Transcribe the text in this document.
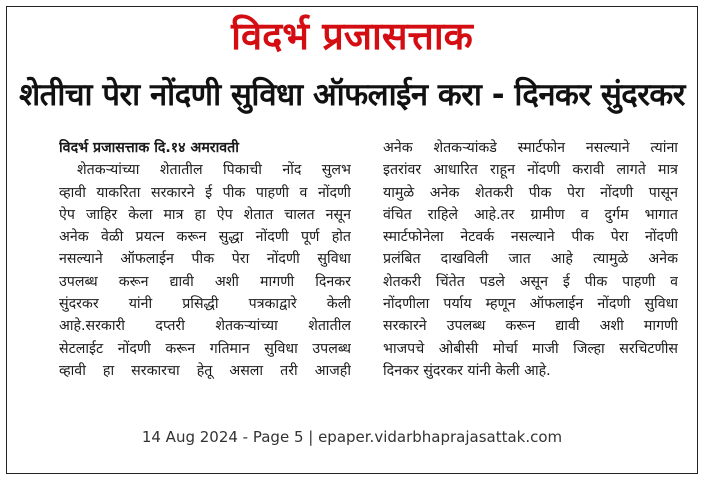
विदर्भ प्रजासत्ताक
शेतीचा पेरा नोंदणी सुविधा ऑफलाईन करा - दिनकर सुंदरकर
विदर्भ प्रजासत्ताक दि.१४ अमरावती
शेतकऱ्यांच्या शेतातील पिकाची नोंद सुलभ
व्हावी याकरिता सरकारने ई पीक पाहणी व नोंदणी
ऐप जाहिर केला मात्र हा ऐप शेतात चालत नसून
अनेक वेळी प्रयत्न करून सुद्धा नोंदणी पूर्ण होत
नसल्याने ऑफलाईन पीक पेरा नोंदणी सुविधा
उपलब्ध करून द्यावी अशी मागणी दिनकर
सुंदरकर यांनी प्रसिद्धी पत्रकाद्वारे केली
आहे.सरकारी दप्तरी शेतकऱ्यांच्या शेतातील
सेटलाईट नोंदणी करून गतिमान सुविधा उपलब्ध
व्हावी हा सरकारचा हेतू असला तरी आजही
अनेक शेतकऱ्यांकडे स्मार्टफोन नसल्याने त्यांना
इतरांवर आधारित राहून नोंदणी करावी लागते मात्र
यामुळे अनेक शेतकरी पीक पेरा नोंदणी पासून
वंचित राहिले आहे.तर ग्रामीण व दुर्गम भागात
स्मार्टफोनेला नेटवर्क नसल्याने पीक पेरा नोंदणी
प्रलंबित दाखविली जात आहे त्यामुळे अनेक
शेतकरी चिंतेत पडले असून ई पीक पाहणी व
नोंदणीला पर्याय म्हणून ऑफलाईन नोंदणी सुविधा
सरकारने उपलब्ध करून द्यावी अशी मागणी
भाजपचे ओबीसी मोर्चा माजी जिल्हा सरचिटणीस
दिनकर सुंदरकर यांनी केली आहे.
14 Aug 2024 - Page 5 | epaper.vidarbhaprajasattak.com
